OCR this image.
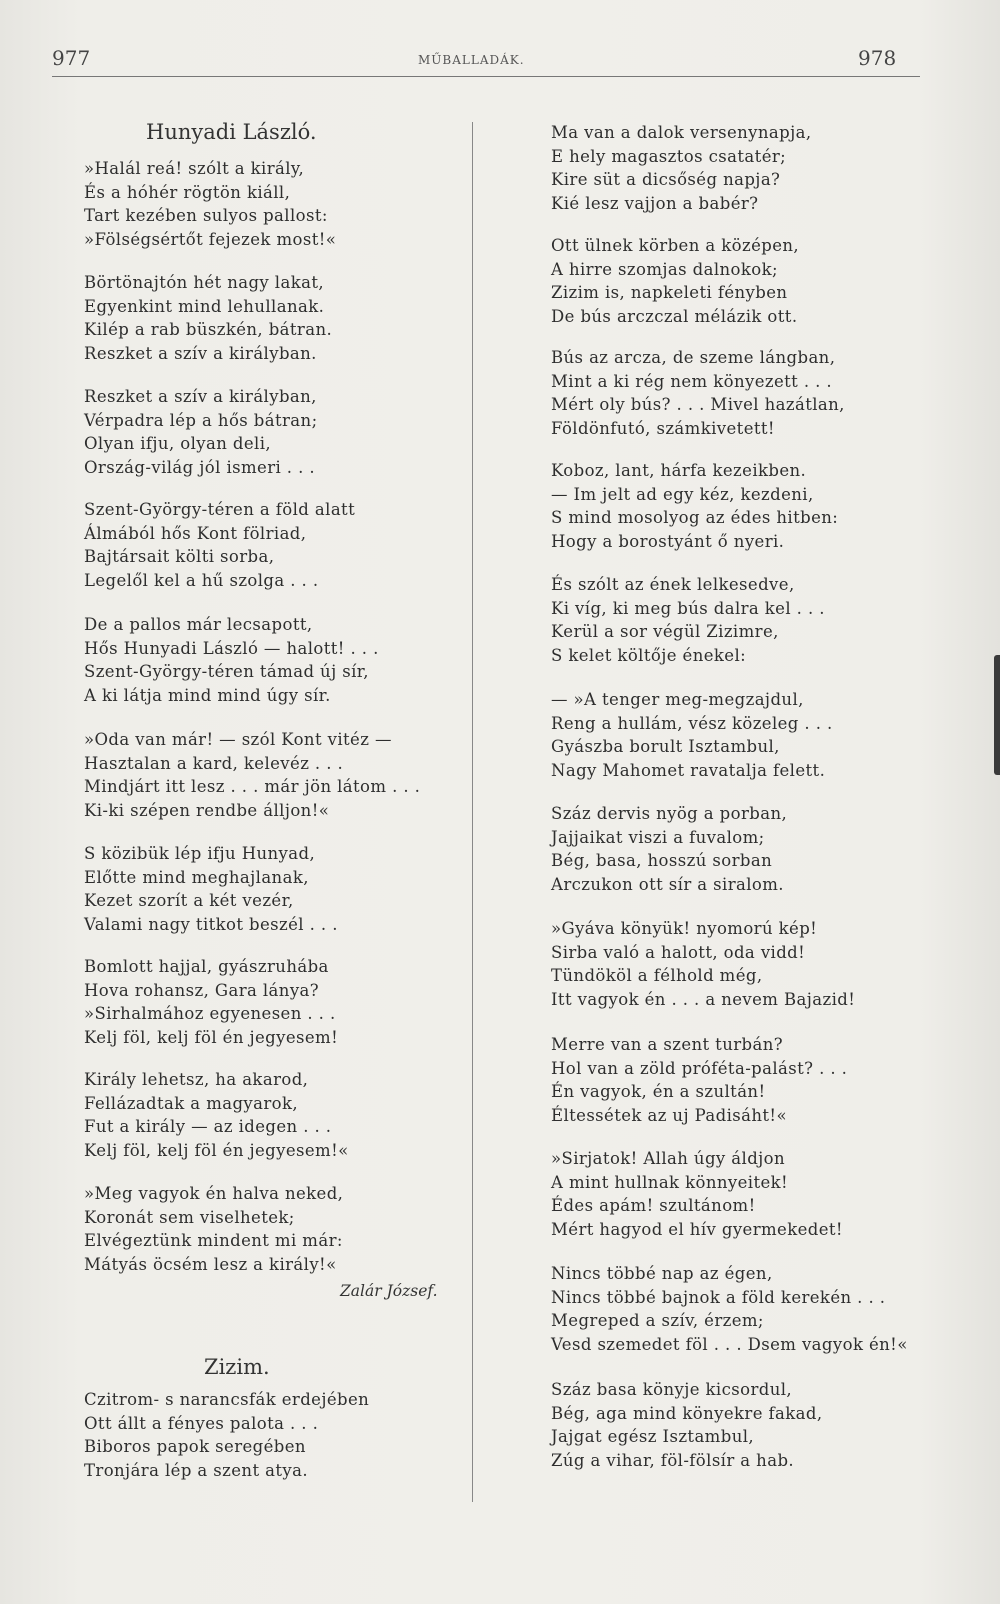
977	MŰBALLADÁK.	978
Hunyadi László.
»Halál reá! szólt a király,
És a hóhér rögtön kiáll,
Tart kezében sulyos pallost:
»Fölségsértőt fejezek most!«
Börtönajtón hét nagy lakat,
Egyenkint mind lehullanak.
Kilép a rab büszkén, bátran.
Reszket a szív a királyban.
Reszket a szív a királyban,
Vérpadra lép a hős bátran;
Olyan ifju, olyan deli,
Ország-világ jól ismeri . . .
Szent-György-téren a föld alatt
Álmából hős Kont fölriad,
Bajtársait költi sorba,
Legelől kel a hű szolga . . .
De a pallos már lecsapott,
Hős Hunyadi László — halott! . . .
Szent-György-téren támad új sír,
A ki látja mind mind úgy sír.
»Oda van már! — szól Kont vitéz —
Hasztalan a kard, kelevéz . . .
Mindjárt itt lesz . . . már jön látom . . .
Ki-ki szépen rendbe álljon!«
S közibük lép ifju Hunyad,
Előtte mind meghajlanak,
Kezet szorít a két vezér,
Valami nagy titkot beszél . . .
Bomlott hajjal, gyászruhába
Hova rohansz, Gara lánya?
»Sirhalmához egyenesen . . .
Kelj föl, kelj föl én jegyesem!
Király lehetsz, ha akarod,
Fellázadtak a magyarok,
Fut a király — az idegen . . .
Kelj föl, kelj föl én jegyesem!«
»Meg vagyok én halva neked,
Koronát sem viselhetek;
Elvégeztünk mindent mi már:
Mátyás öcsém lesz a király!«
Zalár József.
Zizim.
Czitrom- s narancsfák erdejében
Ott állt a fényes palota . . .
Biboros papok seregében
Tronjára lép a szent atya.
Ma van a dalok versenynapja,
E hely magasztos csatatér;
Kire süt a dicsőség napja?
Kié lesz vajjon a babér?
Ott ülnek körben a középen,
A hirre szomjas dalnokok;
Zizim is, napkeleti fényben
De bús arczczal mélázik ott.
Bús az arcza, de szeme lángban,
Mint a ki rég nem könyezett . . .
Mért oly bús? . . . Mivel hazátlan,
Földönfutó, számkivetett!
Koboz, lant, hárfa kezeikben.
— Im jelt ad egy kéz, kezdeni,
S mind mosolyog az édes hitben:
Hogy a borostyánt ő nyeri.
És szólt az ének lelkesedve,
Ki víg, ki meg bús dalra kel . . .
Kerül a sor végül Zizimre,
S kelet költője énekel:
— »A tenger meg-megzajdul,
Reng a hullám, vész közeleg . . .
Gyászba borult Isztambul,
Nagy Mahomet ravatalja felett.
Száz dervis nyög a porban,
Jajjaikat viszi a fuvalom;
Bég, basa, hosszú sorban
Arczukon ott sír a siralom.
»Gyáva könyük! nyomorú kép!
Sirba való a halott, oda vidd!
Tündököl a félhold még,
Itt vagyok én . . . a nevem Bajazid!
Merre van a szent turbán?
Hol van a zöld próféta-palást? . . .
Én vagyok, én a szultán!
Éltessétek az uj Padisáht!«
»Sirjatok! Allah úgy áldjon
A mint hullnak könnyeitek!
Édes apám! szultánom!
Mért hagyod el hív gyermekedet!
Nincs többé nap az égen,
Nincs többé bajnok a föld kerekén . . .
Megreped a szív, érzem;
Vesd szemedet föl . . . Dsem vagyok én!«
Száz basa könyje kicsordul,
Bég, aga mind könyekre fakad,
Jajgat egész Isztambul,
Zúg a vihar, föl-fölsír a hab.
